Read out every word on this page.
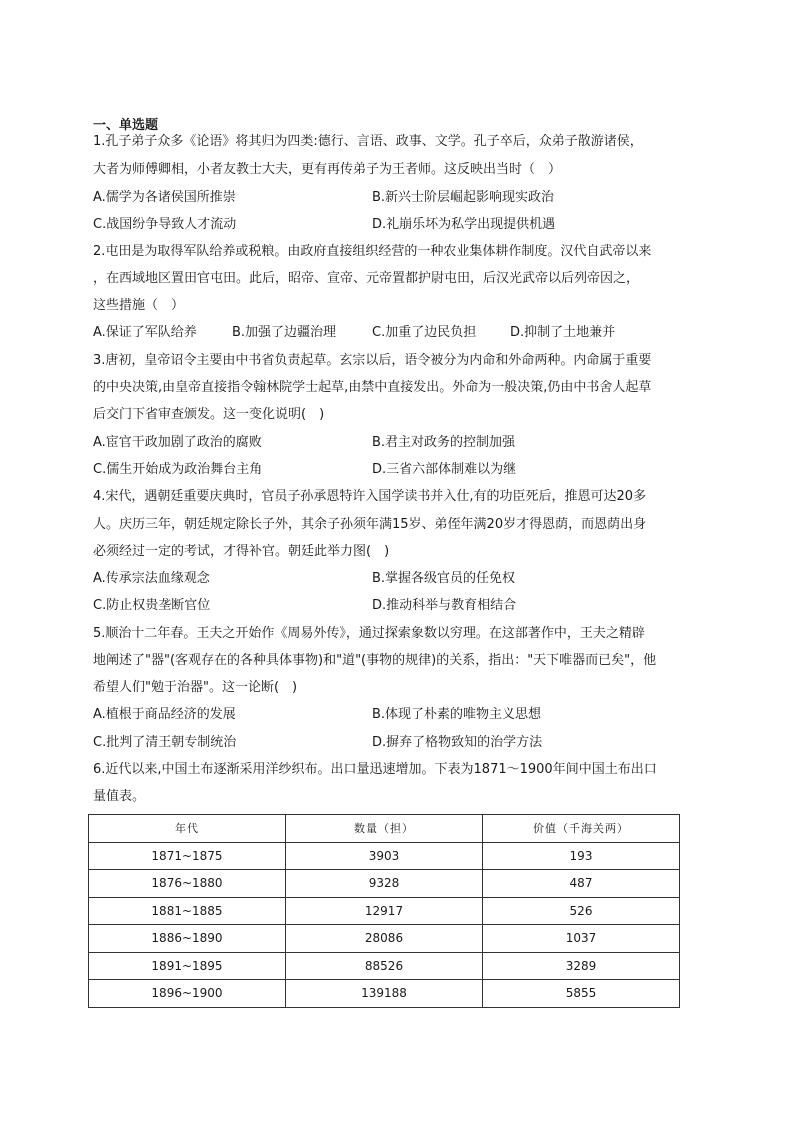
一、单选题
1.孔子弟子众多《论语》将其归为四类:德行、言语、政事、文学。孔子卒后，众弟子散游诸侯，
大者为师傅卿相，小者友教士大夫，更有再传弟子为王者师。这反映出当时（　）
A.儒学为各诸侯国所推崇	B.新兴士阶层崛起影响现实政治
C.战国纷争导致人才流动	D.礼崩乐坏为私学出现提供机遇
2.屯田是为取得军队给养或税粮。由政府直接组织经营的一种农业集体耕作制度。汉代自武帝以来
，在西域地区置田官屯田。此后，昭帝、宣帝、元帝置都护尉屯田，后汉光武帝以后列帝因之，
这些措施（　）
A.保证了军队给养	B.加强了边疆治理	C.加重了边民负担	D.抑制了土地兼并
3.唐初，皇帝诏令主要由中书省负责起草。玄宗以后，语令被分为内命和外命两种。内命属于重要
的中央决策,由皇帝直接指令翰林院学士起草,由禁中直接发出。外命为一般决策,仍由中书舍人起草
后交门下省审查颁发。这一变化说明(　)
A.宦官干政加剧了政治的腐败	B.君主对政务的控制加强
C.儒生开始成为政治舞台主角	D.三省六部体制难以为继
4.宋代，遇朝廷重要庆典时，官员子孙承恩特许入国学读书并入仕,有的功臣死后，推恩可达20多
人。庆历三年，朝廷规定除长子外，其余子孙须年满15岁、弟侄年满20岁才得恩荫，而恩荫出身
必须经过一定的考试，才得补官。朝廷此举力图(　)
A.传承宗法血缘观念	B.掌握各级官员的任免权
C.防止权贵垄断官位	D.推动科举与教育相结合
5.顺治十二年春。王夫之开始作《周易外传》，通过探索象数以穷理。在这部著作中，王夫之精辟
地阐述了"器"(客观存在的各种具体事物)和"道"(事物的规律)的关系，指出："天下唯器而已矣"，他
希望人们"勉于治器"。这一论断(　)
A.植根于商品经济的发展	B.体现了朴素的唯物主义思想
C.批判了清王朝专制统治	D.摒弃了格物致知的治学方法
6.近代以来,中国土布逐渐采用洋纱织布。出口量迅速增加。下表为1871～1900年间中国土布出口
量值表。
年代	数量（担）	价值（千海关两）
1871~1875	3903	193
1876~1880	9328	487
1881~1885	12917	526
1886~1890	28086	1037
1891~1895	88526	3289
1896~1900	139188	5855
